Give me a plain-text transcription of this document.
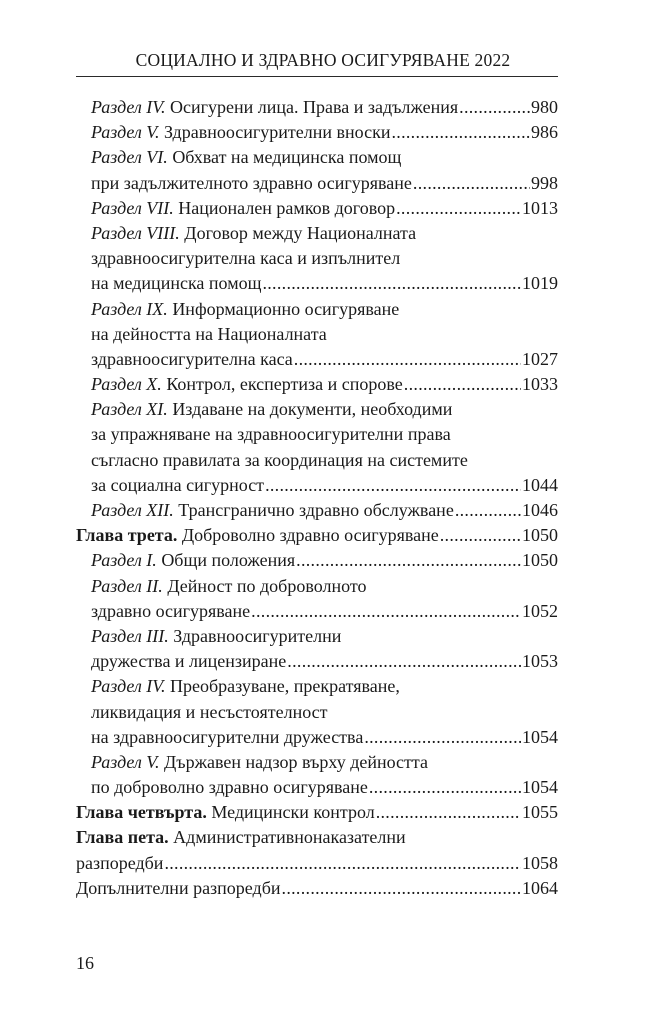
СОЦИАЛНО И ЗДРАВНО ОСИГУРЯВАНЕ 2022
Раздел IV. Осигурени лица. Права и задължения .....	980
Раздел V. Здравноосигурителни вноски .....	986
Раздел VI. Обхват на медицинска помощ
при задължителното здравно осигуряване .....	998
Раздел VII. Национален рамков договор .....	1013
Раздел VIII. Договор между Националната
здравноосигурителна каса и изпълнител
на медицинска помощ .....	1019
Раздел IX. Информационно осигуряване
на дейността на Националната
здравноосигурителна каса .....	1027
Раздел X. Контрол, експертиза и спорове .....	1033
Раздел XI. Издаване на документи, необходими
за упражняване на здравноосигурителни права
съгласно правилата за координация на системите
за социална сигурност .....	1044
Раздел XII. Трансгранично здравно обслужване .....	1046
Глава трета. Доброволно здравно осигуряване .....	1050
Раздел I. Общи положения .....	1050
Раздел II. Дейност по доброволното
здравно осигуряване .....	1052
Раздел III. Здравноосигурителни
дружества и лицензиране .....	1053
Раздел IV. Преобразуване, прекратяване,
ликвидация и несъстоятелност
на здравноосигурителни дружества .....	1054
Раздел V. Държавен надзор върху дейността
по доброволно здравно осигуряване .....	1054
Глава четвърта. Медицински контрол .....	1055
Глава пета. Административнонаказателни
разпоредби .....	1058
Допълнителни разпоредби .....	1064
16
